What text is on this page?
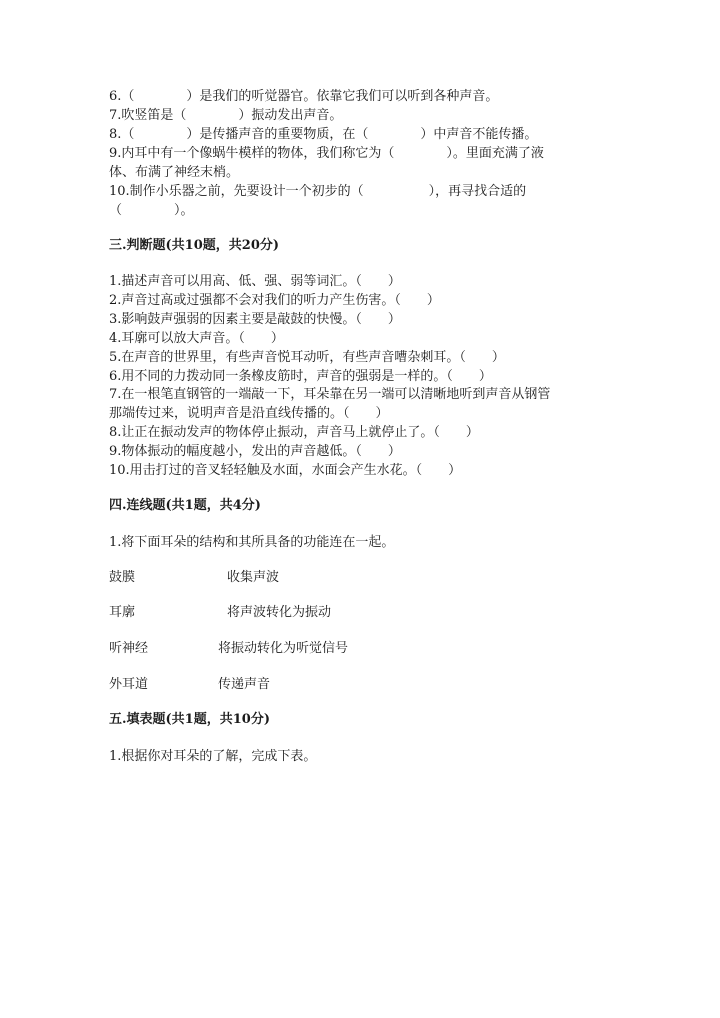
6.（　　　　）是我们的听觉器官。依靠它我们可以听到各种声音。
7.吹竖笛是（　　　　）振动发出声音。
8.（　　　　）是传播声音的重要物质，在（　　　　）中声音不能传播。
9.内耳中有一个像蜗牛模样的物体，我们称它为（　　　　）。里面充满了液
体、布满了神经末梢。
10.制作小乐器之前，先要设计一个初步的（　　　　　），再寻找合适的
（　　　　）。
三.判断题(共10题，共20分)
1.描述声音可以用高、低、强、弱等词汇。（　　）
2.声音过高或过强都不会对我们的听力产生伤害。（　　）
3.影响鼓声强弱的因素主要是敲鼓的快慢。（　　）
4.耳廓可以放大声音。（　　）
5.在声音的世界里，有些声音悦耳动听，有些声音嘈杂刺耳。（　　）
6.用不同的力拨动同一条橡皮筋时，声音的强弱是一样的。（　　）
7.在一根笔直钢管的一端敲一下，耳朵靠在另一端可以清晰地听到声音从钢管
那端传过来，说明声音是沿直线传播的。（　　）
8.让正在振动发声的物体停止振动，声音马上就停止了。（　　）
9.物体振动的幅度越小，发出的声音越低。（　　）
10.用击打过的音叉轻轻触及水面，水面会产生水花。（　　）
四.连线题(共1题，共4分)
1.将下面耳朵的结构和其所具备的功能连在一起。
鼓膜	收集声波
耳廓	将声波转化为振动
听神经	将振动转化为听觉信号
外耳道	传递声音
五.填表题(共1题，共10分)
1.根据你对耳朵的了解，完成下表。
